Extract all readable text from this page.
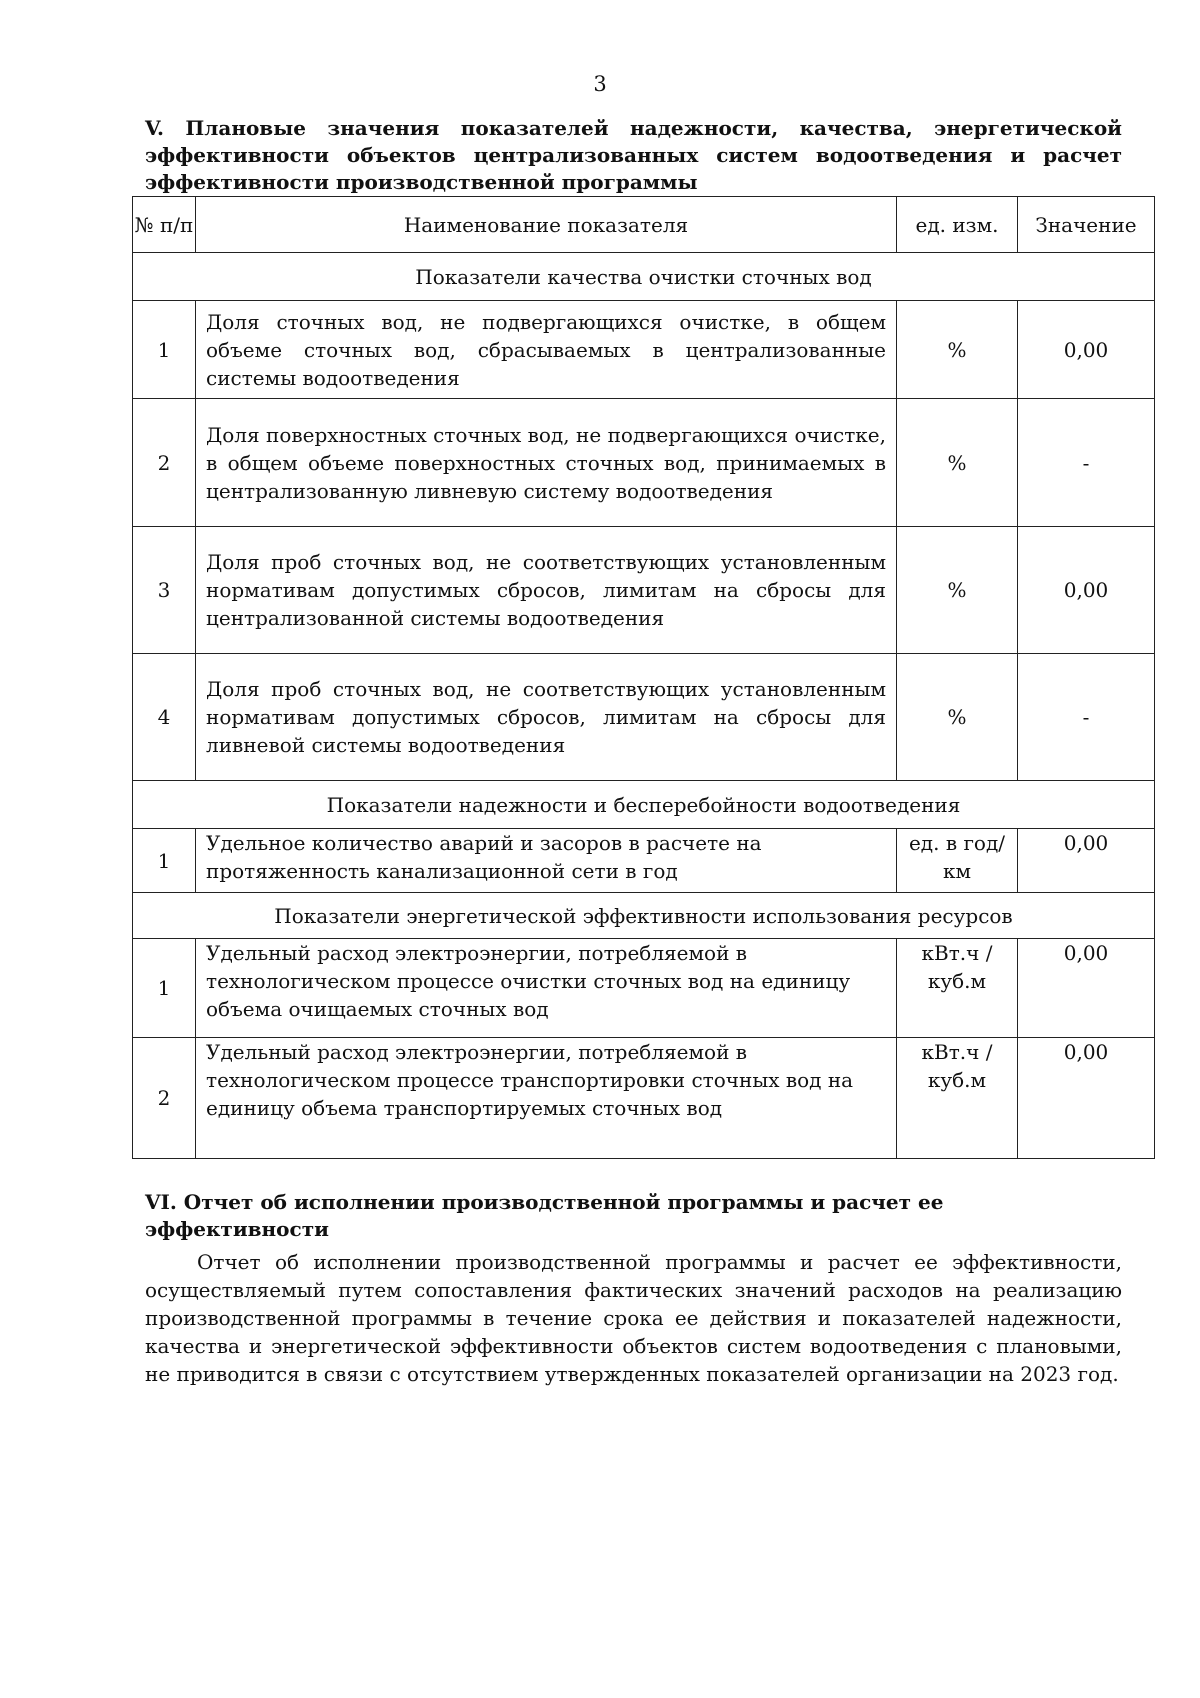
3
V. Плановые значения показателей надежности, качества, энергетической эффективности объектов централизованных систем водоотведения и расчет эффективности производственной программы
№ п/п	Наименование показателя	ед. изм.	Значение
Показатели качества очистки сточных вод			
1	Доля сточных вод, не подвергающихся очистке, в общем объеме сточных вод, сбрасываемых в централизованные системы водоотведения	%	0,00
2	Доля поверхностных сточных вод, не подвергающихся очистке, в общем объеме поверхностных сточных вод, принимаемых в централизованную ливневую систему водоотведения	%	-
3	Доля проб сточных вод, не соответствующих установленным нормативам допустимых сбросов, лимитам на сбросы для централизованной системы водоотведения	%	0,00
4	Доля проб сточных вод, не соответствующих установленным нормативам допустимых сбросов, лимитам на сбросы для ливневой системы водоотведения	%	-
Показатели надежности и бесперебойности водоотведения			
1	Удельное количество аварий и засоров в расчете на протяженность канализационной сети в год	ед. в год/ км	0,00
Показатели энергетической эффективности использования ресурсов			
1	Удельный расход электроэнергии, потребляемой в технологическом процессе очистки сточных вод на единицу объема очищаемых сточных вод	кВт.ч / куб.м	0,00
2	Удельный расход электроэнергии, потребляемой в технологическом процессе транспортировки сточных вод на единицу объема транспортируемых сточных вод	кВт.ч / куб.м	0,00
VI. Отчет об исполнении производственной программы и расчет ее эффективности
Отчет об исполнении производственной программы и расчет ее эффективности, осуществляемый путем сопоставления фактических значений расходов на реализацию производственной программы в течение срока ее действия и показателей надежности, качества и энергетической эффективности объектов систем водоотведения с плановыми, не приводится в связи с отсутствием утвержденных показателей организации на 2023 год.
